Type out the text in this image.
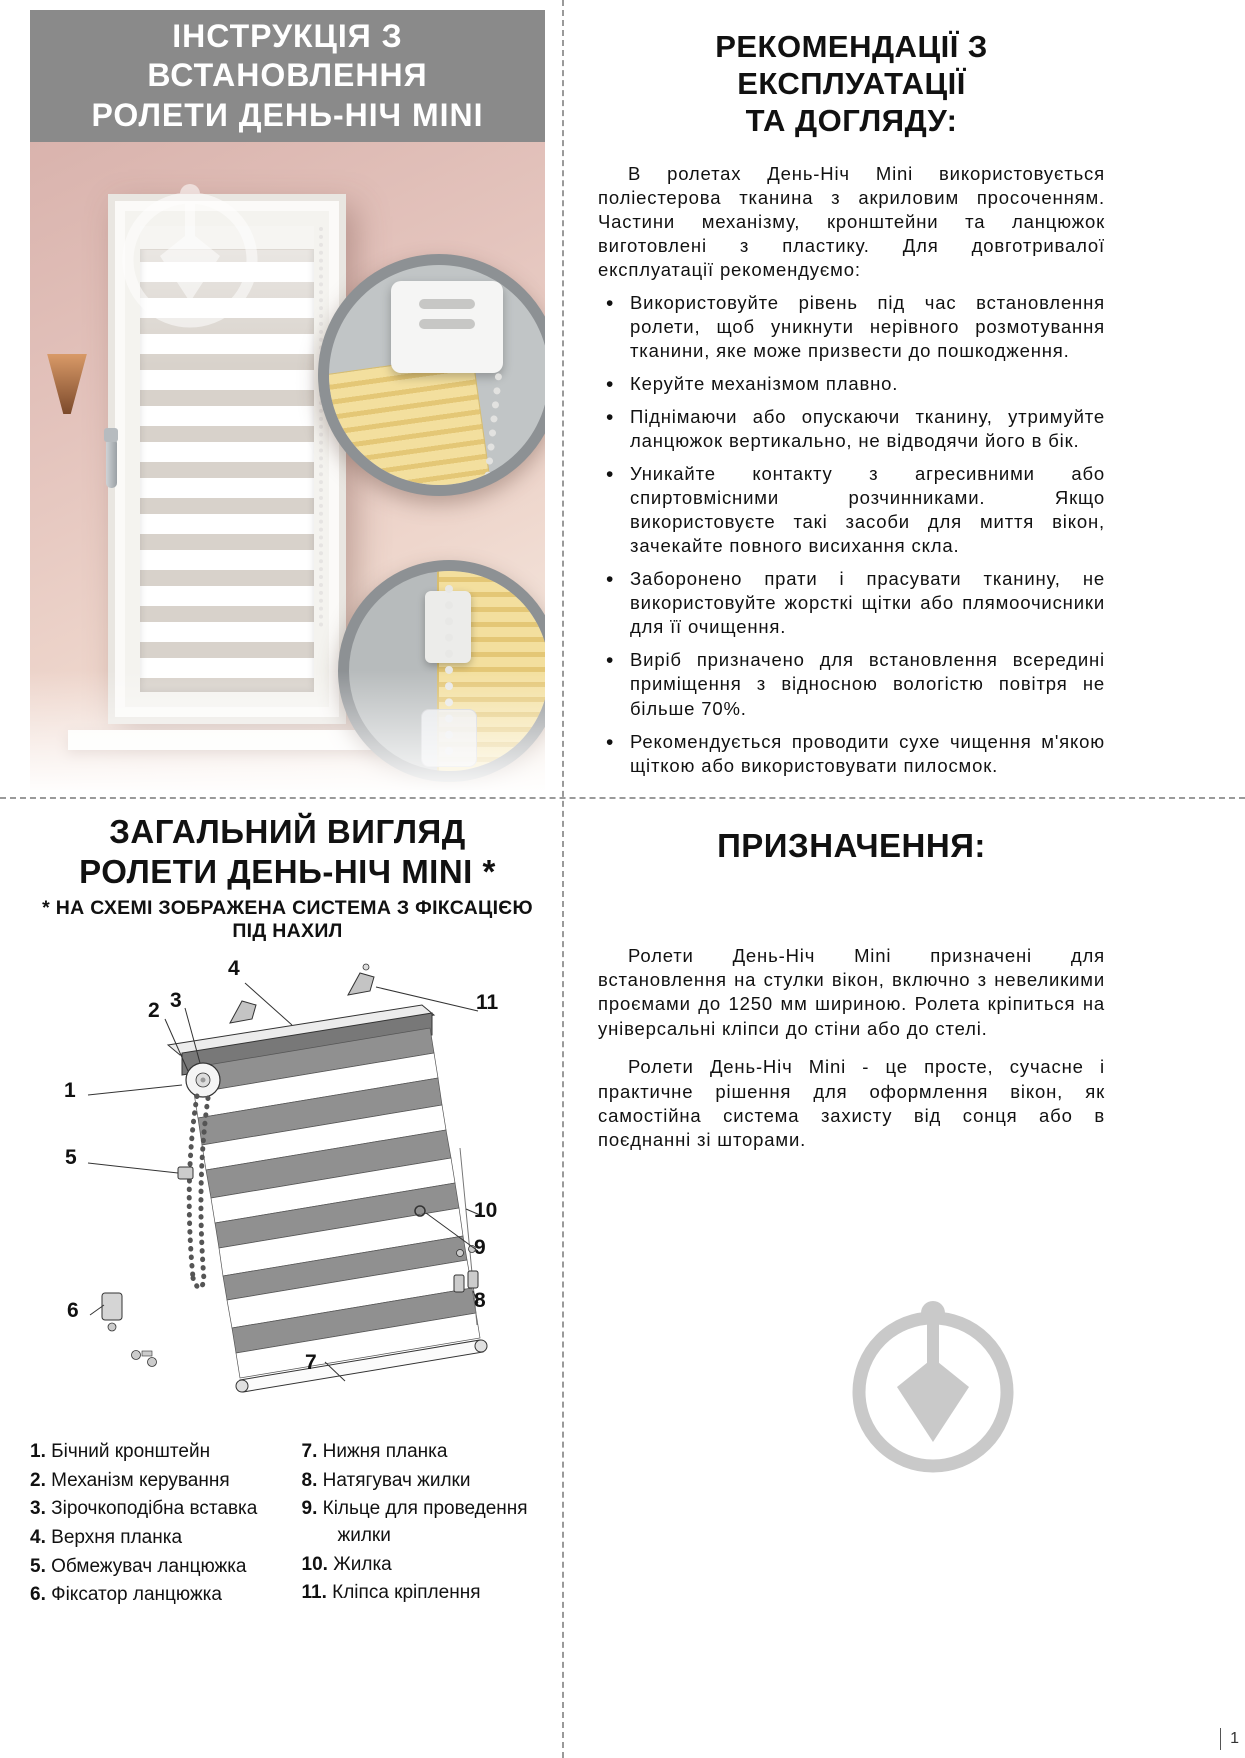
ІНСТРУКЦІЯ З ВСТАНОВЛЕННЯ
РОЛЕТИ ДЕНЬ-НІЧ MINI
РЕКОМЕНДАЦІЇ З ЕКСПЛУАТАЦІЇ
ТА ДОГЛЯДУ:

В ролетах День-Ніч Mini використовується поліестерова тканина з акриловим просоченням. Частини механізму, кронштейни та ланцюжок виготовлені з пластику. Для довготривалої експлуатації рекомендуємо:

• Використовуйте рівень під час встановлення ролети, щоб уникнути нерівного розмотування тканини, яке може призвести до пошкодження.
• Керуйте механізмом плавно.
• Піднімаючи або опускаючи тканину, утримуйте ланцюжок вертикально, не відводячи його в бік.
• Уникайте контакту з агресивними або спиртовмісними розчинниками. Якщо використовуєте такі засоби для миття вікон, зачекайте повного висихання скла.
• Заборонено прати і прасувати тканину, не використовуйте жорсткі щітки або плямоочисники для її очищення.
• Виріб призначено для встановлення всередині приміщення з відносною вологістю повітря не більше 70%.
• Рекомендується проводити сухе чищення м'якою щіткою або використовувати пилосмок.
ЗАГАЛЬНИЙ ВИГЛЯД
РОЛЕТИ ДЕНЬ-НІЧ MINI *
* НА СХЕМІ ЗОБРАЖЕНА СИСТЕМА З ФІКСАЦІЄЮ ПІД НАХИЛ
1
2 3
4
5
6
7
8
9
10
11
1. Бічний кронштейн
2. Механізм керування
3. Зірочкоподібна вставка
4. Верхня планка
5. Обмежувач ланцюжка
6. Фіксатор ланцюжка
7. Нижня планка
8. Натягувач жилки
9. Кільце для проведення жилки
10. Жилка
11. Кліпса кріплення
ПРИЗНАЧЕННЯ:

Ролети День-Ніч Mini призначені для встановлення на стулки вікон, включно з невеликими проємами до 1250 мм шириною. Ролета кріпиться на універсальні кліпси до стіни або до стелі.

Ролети День-Ніч Mini - це просте, сучасне і практичне рішення для оформлення вікон, як самостійна система захисту від сонця або в поєднанні зі шторами.

1
